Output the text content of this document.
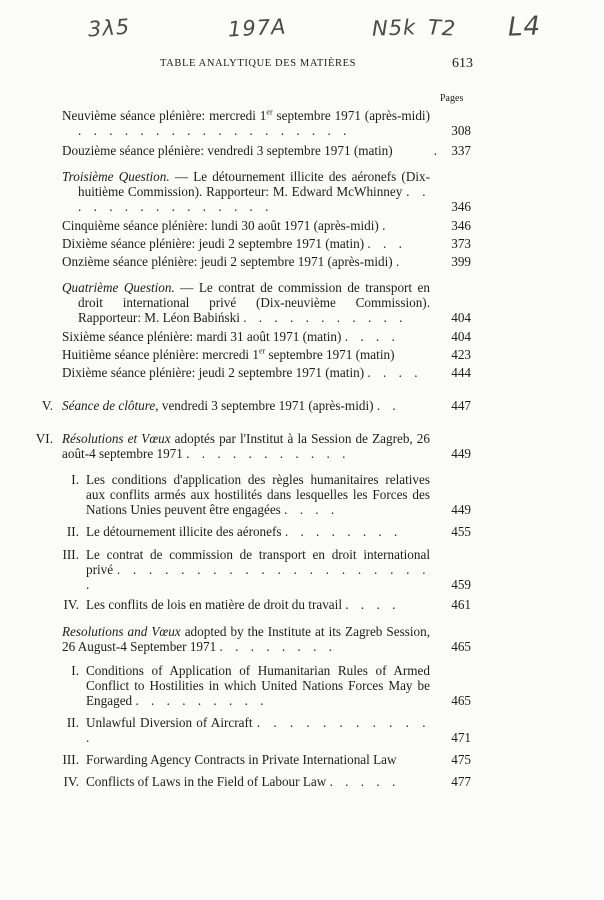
3λ5	197A	N5k T2 L4
TABLE ANALYTIQUE DES MATIÈRES	613
Pages
Neuvième séance plénière: mercredi 1er septembre 1971 (après-midi) . . . . . . . . . . . . . . . . . .	308
Douzième séance plénière: vendredi 3 septembre 1971 (matin)	. 337
Troisième Question. — Le détournement illicite des aéronefs (Dix-huitième Commission). Rapporteur: M. Edward McWhinney . . . . . . . . . . . . . . .	346
Cinquième séance plénière: lundi 30 août 1971 (après-midi) .	346
Dixième séance plénière: jeudi 2 septembre 1971 (matin) . . .	373
Onzième séance plénière: jeudi 2 septembre 1971 (après-midi) .	399
Quatrième Question. — Le contrat de commission de transport en droit international privé (Dix-neuvième Commission). Rapporteur: M. Léon Babiński . . . . . . . . . . .	404
Sixième séance plénière: mardi 31 août 1971 (matin) . . . .	404
Huitième séance plénière: mercredi 1er septembre 1971 (matin)	423
Dixième séance plénière: jeudi 2 septembre 1971 (matin) . . . .	444
V. Séance de clôture, vendredi 3 septembre 1971 (après-midi) . .	447
VI. Résolutions et Vœux adoptés par l'Institut à la Session de Zagreb, 26 août-4 septembre 1971 . . . . . . . . . . .	449
I. Les conditions d'application des règles humanitaires relatives aux conflits armés aux hostilités dans lesquelles les Forces des Nations Unies peuvent être engagées . . . .	449
II. Le détournement illicite des aéronefs . . . . . . . .	455
III. Le contrat de commission de transport en droit international privé . . . . . . . . . . . . . . . . . . . . .	459
IV. Les conflits de lois en matière de droit du travail . . . .	461
Resolutions and Vœux adopted by the Institute at its Zagreb Session, 26 August-4 September 1971 . . . . . . . .	465
I. Conditions of Application of Humanitarian Rules of Armed Conflict to Hostilities in which United Nations Forces May be Engaged . . . . . . . . .	465
II. Unlawful Diversion of Aircraft . . . . . . . . . . . .	471
III. Forwarding Agency Contracts in Private International Law	475
IV. Conflicts of Laws in the Field of Labour Law . . . . .	477
